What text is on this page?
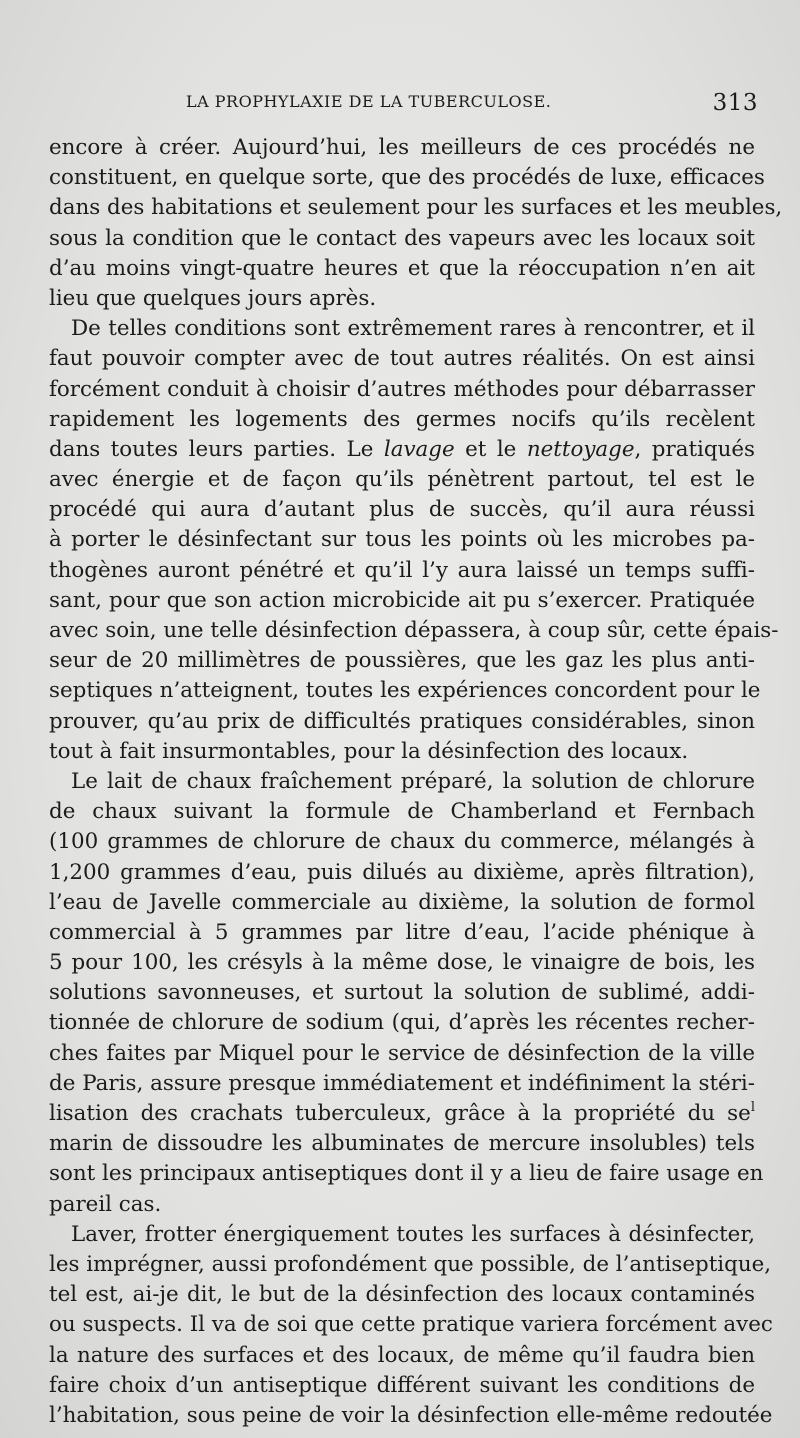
LA PROPHYLAXIE DE LA TUBERCULOSE.	313
encore à créer. Aujourd’hui, les meilleurs de ces procédés ne
constituent, en quelque sorte, que des procédés de luxe, efficaces
dans des habitations et seulement pour les surfaces et les meubles,
sous la condition que le contact des vapeurs avec les locaux soit
d’au moins vingt-quatre heures et que la réoccupation n’en ait
lieu que quelques jours après.
De telles conditions sont extrêmement rares à rencontrer, et il
faut pouvoir compter avec de tout autres réalités. On est ainsi
forcément conduit à choisir d’autres méthodes pour débarrasser
rapidement les logements des germes nocifs qu’ils recèlent
dans toutes leurs parties. Le lavage et le nettoyage, pratiqués
avec énergie et de façon qu’ils pénètrent partout, tel est le
procédé qui aura d’autant plus de succès, qu’il aura réussi
à porter le désinfectant sur tous les points où les microbes pa-
thogènes auront pénétré et qu’il l’y aura laissé un temps suffi-
sant, pour que son action microbicide ait pu s’exercer. Pratiquée
avec soin, une telle désinfection dépassera, à coup sûr, cette épais-
seur de 20 millimètres de poussières, que les gaz les plus anti-
septiques n’atteignent, toutes les expériences concordent pour le
prouver, qu’au prix de difficultés pratiques considérables, sinon
tout à fait insurmontables, pour la désinfection des locaux.
Le lait de chaux fraîchement préparé, la solution de chlorure
de chaux suivant la formule de Chamberland et Fernbach
(100 grammes de chlorure de chaux du commerce, mélangés à
1,200 grammes d’eau, puis dilués au dixième, après filtration),
l’eau de Javelle commerciale au dixième, la solution de formol
commercial à 5 grammes par litre d’eau, l’acide phénique à
5 pour 100, les crésyls à la même dose, le vinaigre de bois, les
solutions savonneuses, et surtout la solution de sublimé, addi-
tionnée de chlorure de sodium (qui, d’après les récentes recher-
ches faites par Miquel pour le service de désinfection de la ville
de Paris, assure presque immédiatement et indéfiniment la stéri-
lisation des crachats tuberculeux, grâce à la propriété du $se^l$
marin de dissoudre les albuminates de mercure insolubles) tels
sont les principaux antiseptiques dont il y a lieu de faire usage en
pareil cas.
Laver, frotter énergiquement toutes les surfaces à désinfecter,
les imprégner, aussi profondément que possible, de l’antiseptique,
tel est, ai-je dit, le but de la désinfection des locaux contaminés
ou suspects. Il va de soi que cette pratique variera forcément avec
la nature des surfaces et des locaux, de même qu’il faudra bien
faire choix d’un antiseptique différent suivant les conditions de
l’habitation, sous peine de voir la désinfection elle-même redoutée
